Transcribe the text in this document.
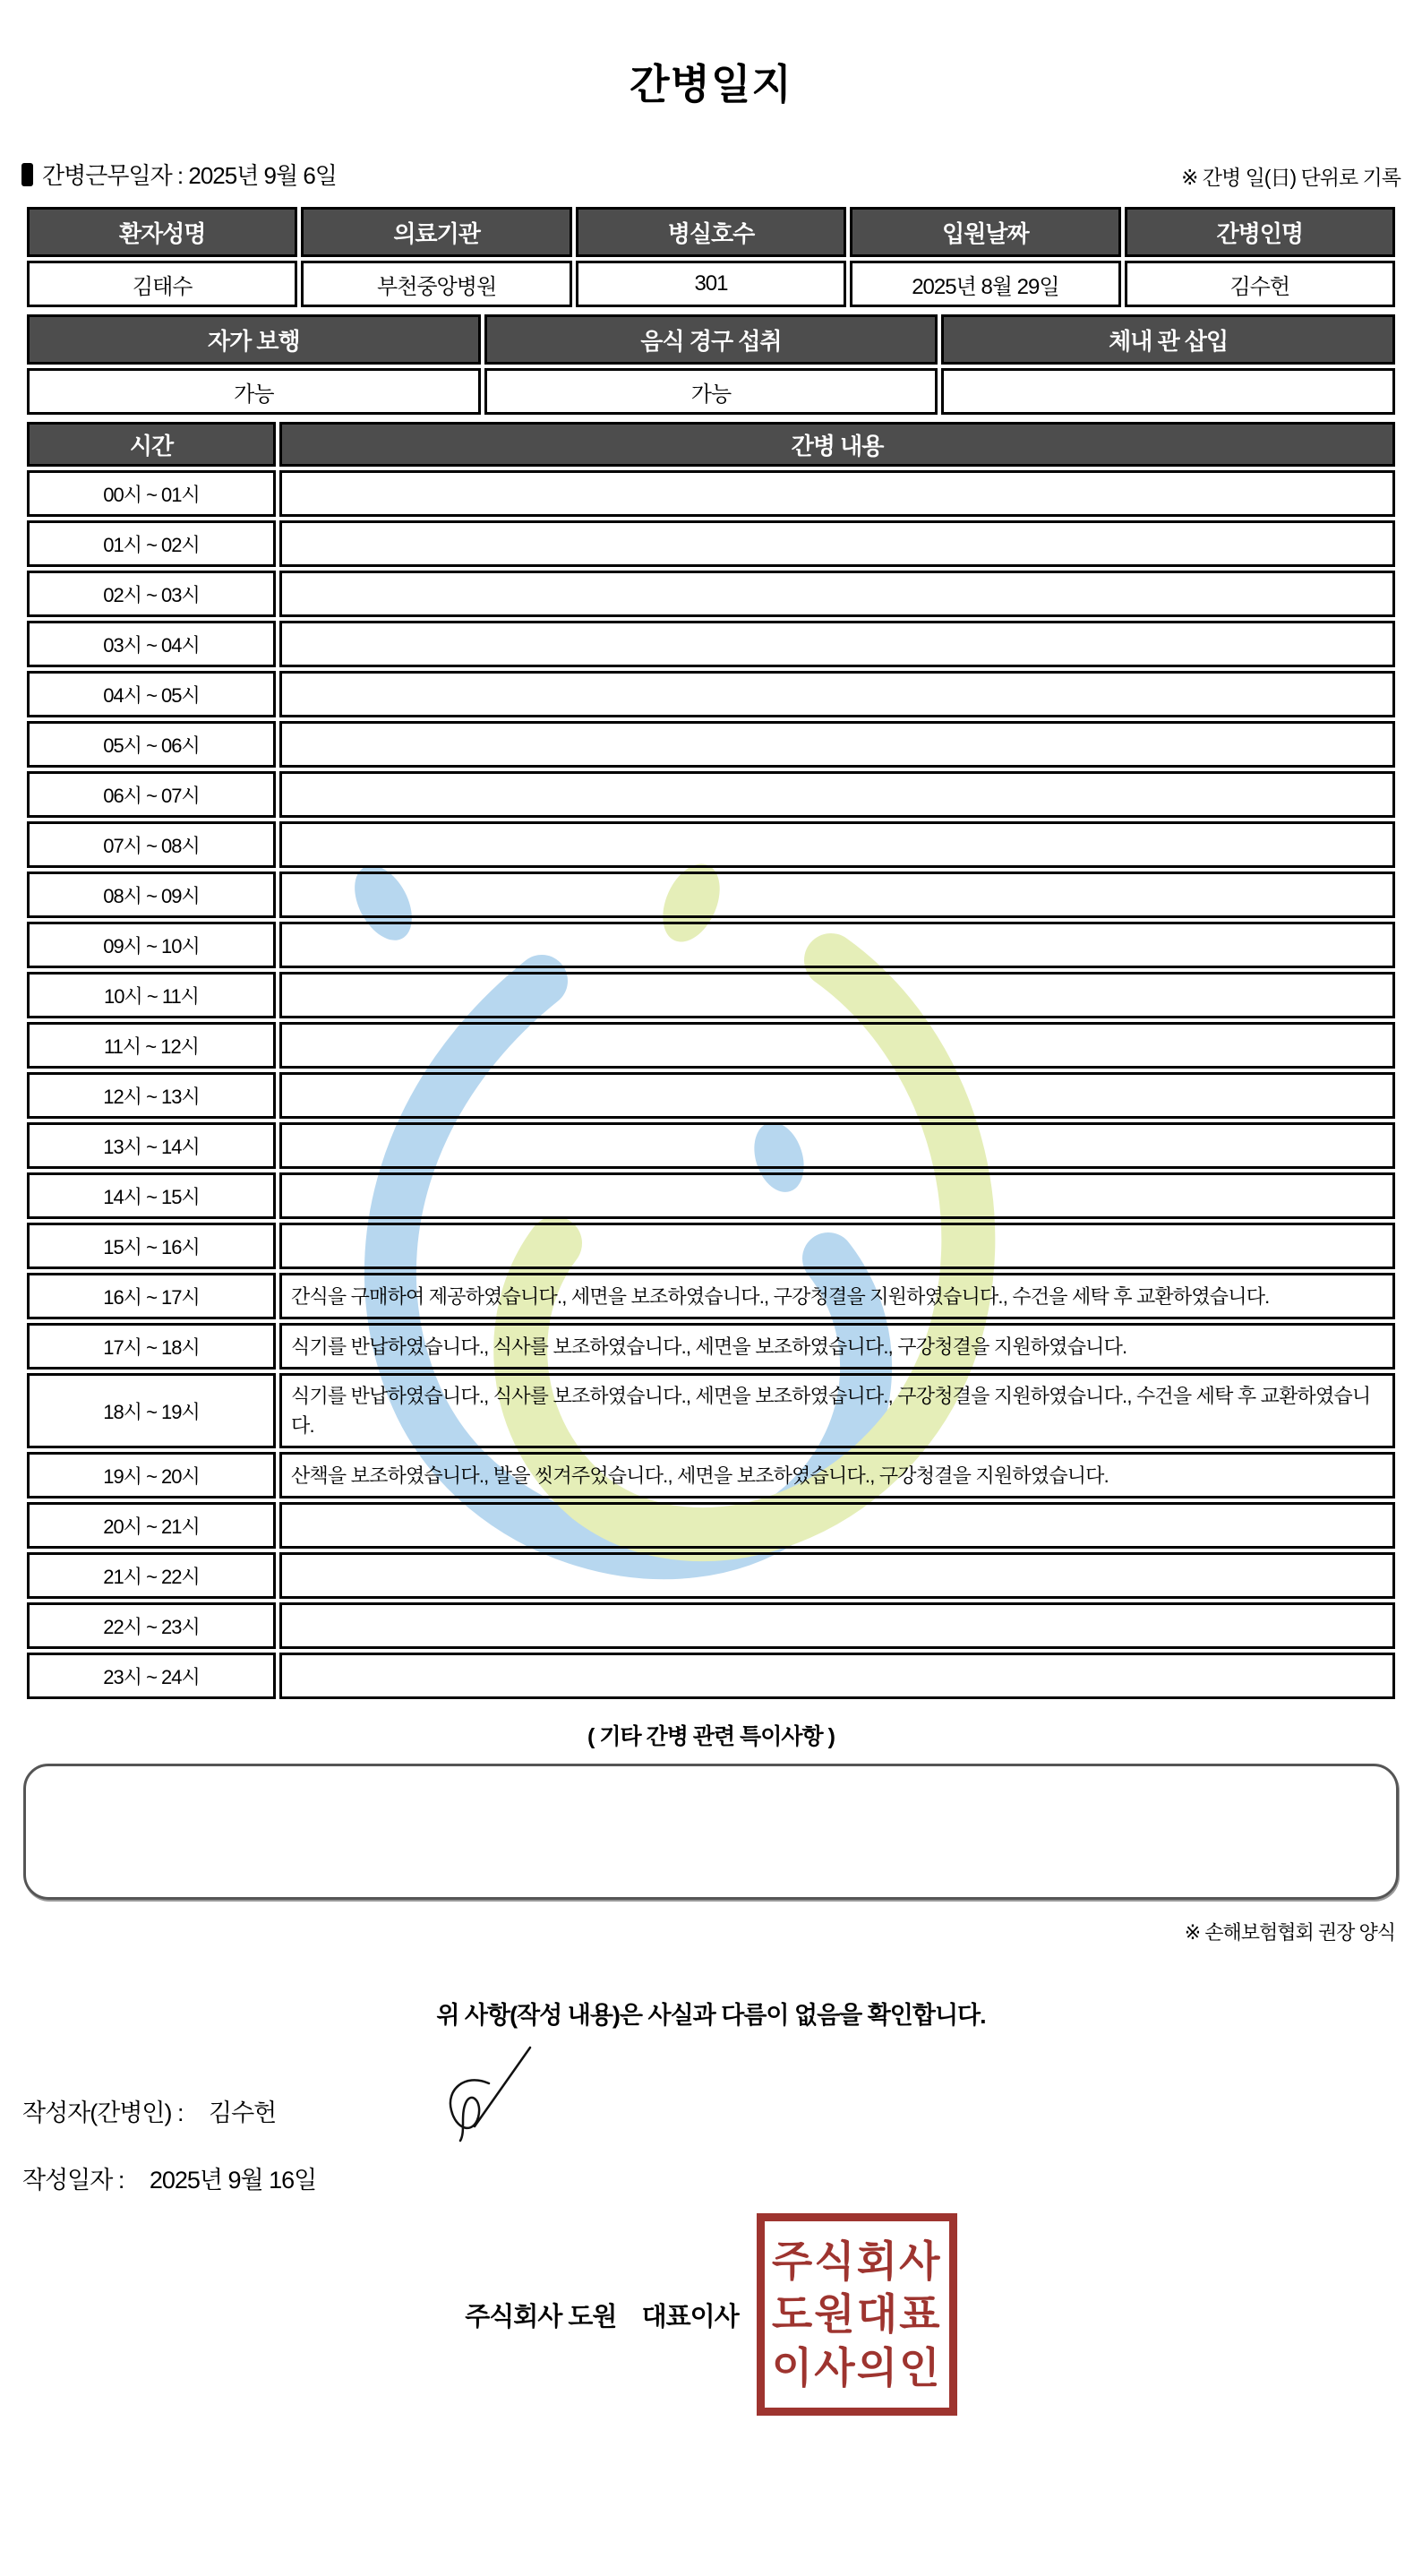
간병일지
간병근무일자 : 2025년 9월 6일	※ 간병 일(日) 단위로 기록
환자성명	의료기관	병실호수	입원날짜	간병인명
김태수	부천중앙병원	301	2025년 8월 29일	김수헌
자가 보행	음식 경구 섭취	체내 관 삽입
가능	가능	
시간	간병 내용
00시 ~ 01시	
01시 ~ 02시	
02시 ~ 03시	
03시 ~ 04시	
04시 ~ 05시	
05시 ~ 06시	
06시 ~ 07시	
07시 ~ 08시	
08시 ~ 09시	
09시 ~ 10시	
10시 ~ 11시	
11시 ~ 12시	
12시 ~ 13시	
13시 ~ 14시	
14시 ~ 15시	
15시 ~ 16시	
16시 ~ 17시	간식을 구매하여 제공하였습니다., 세면을 보조하였습니다., 구강청결을 지원하였습니다., 수건을 세탁 후 교환하였습니다.
17시 ~ 18시	식기를 반납하였습니다., 식사를 보조하였습니다., 세면을 보조하였습니다., 구강청결을 지원하였습니다.
18시 ~ 19시	식기를 반납하였습니다., 식사를 보조하였습니다., 세면을 보조하였습니다., 구강청결을 지원하였습니다., 수건을 세탁 후 교환하였습니다.
19시 ~ 20시	산책을 보조하였습니다., 발을 씻겨주었습니다., 세면을 보조하였습니다., 구강청결을 지원하였습니다.
20시 ~ 21시	
21시 ~ 22시	
22시 ~ 23시	
23시 ~ 24시	
( 기타 간병 관련 특이사항 )
※ 손해보험협회 권장 양식
위 사항(작성 내용)은 사실과 다름이 없음을 확인합니다.
작성자(간병인) : 김수헌
작성일자 : 2025년 9월 16일
주식회사 도원    대표이사
주식회사
도원대표
이사의인
